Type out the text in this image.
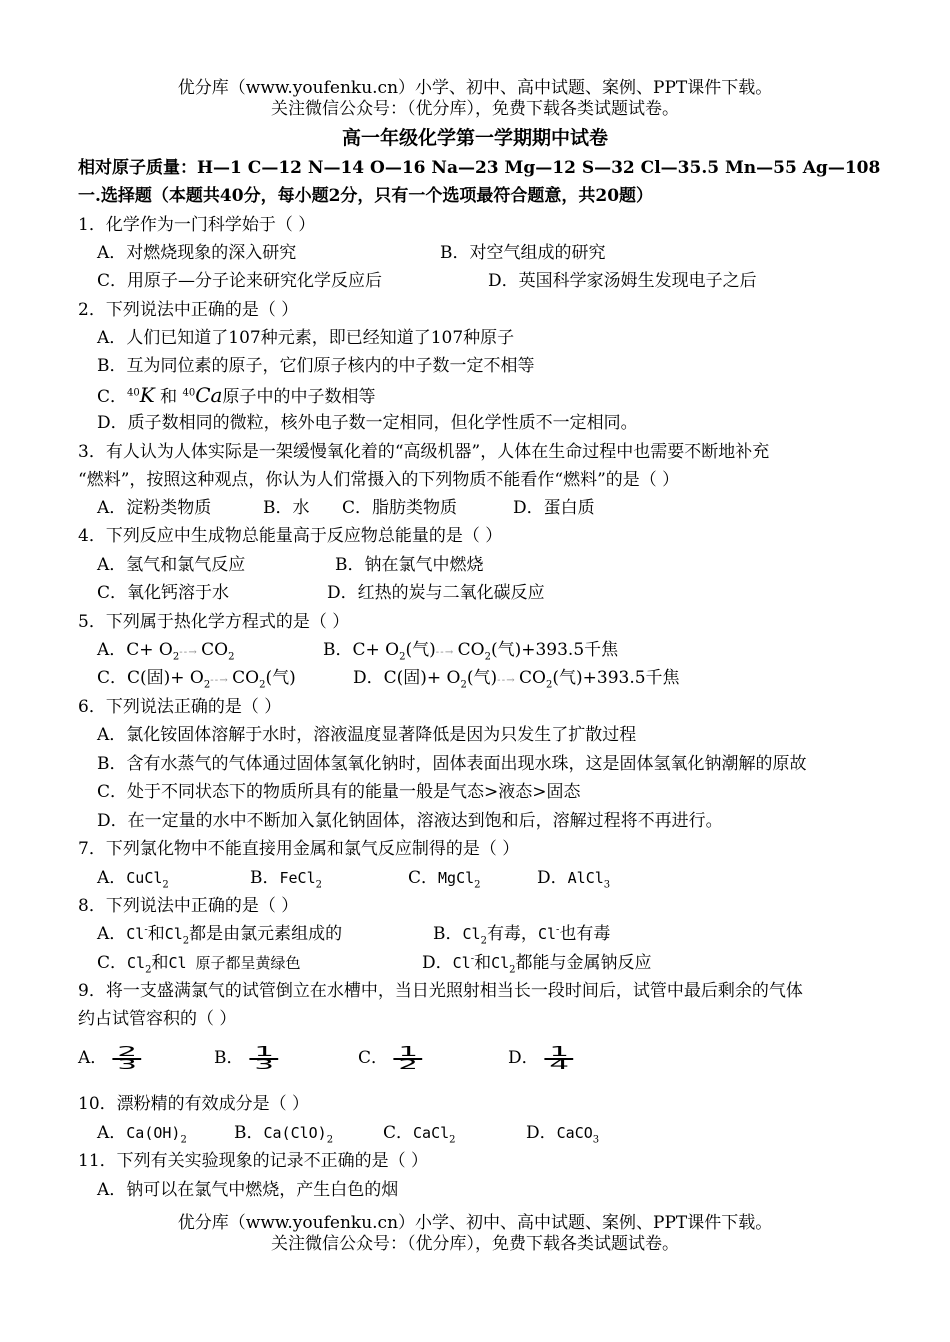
优分库（www.youfenku.cn）小学、初中、高中试题、案例、PPT课件下载。
关注微信公众号：（优分库），免费下载各类试题试卷。
高一年级化学第一学期期中试卷
相对原子质量：H—1 C—12 N—14 O—16 Na—23 Mg—12 S—32 Cl—35.5 Mn—55 Ag—108
一.选择题（本题共40分，每小题2分，只有一个选项最符合题意，共20题）
1．化学作为一门科学始于（ ）
A．对燃烧现象的深入研究	B．对空气组成的研究
C．用原子—分子论来研究化学反应后	D．英国科学家汤姆生发现电子之后
2．下列说法中正确的是（ ）
A．人们已知道了107种元素，即已经知道了107种原子
B．互为同位素的原子，它们原子核内的中子数一定不相等
C．$^{40}$K 和 $^{40}$Ca原子中的中子数相等
D．质子数相同的微粒，核外电子数一定相同，但化学性质不一定相同。
3．有人认为人体实际是一架缓慢氧化着的“高级机器”，人体在生命过程中也需要不断地补充
“燃料”，按照这种观点，你认为人们常摄入的下列物质不能看作“燃料”的是（ ）
A．淀粉类物质	B．水 C．脂肪类物质	D．蛋白质
4．下列反应中生成物总能量高于反应物总能量的是（ ）
A．氢气和氯气反应	B．钠在氯气中燃烧
C．氧化钙溶于水	D．红热的炭与二氧化碳反应
5．下列属于热化学方程式的是（ ）
A．$C+ O_2-$ - → $CO_2$	B．$C+ O_2$(气)- - → $CO_2$(气)+393.5千焦
C．C(固)+ $O_2-$ - → $CO_2$(气)	D．C(固)+ $O_2$(气)- - → $CO_2$(气)+393.5千焦
6．下列说法正确的是（ ）
A．氯化铵固体溶解于水时，溶液温度显著降低是因为只发生了扩散过程
B．含有水蒸气的气体通过固体氢氧化钠时，固体表面出现水珠，这是固体氢氧化钠潮解的原故
C．处于不同状态下的物质所具有的能量一般是气态>液态>固态
D．在一定量的水中不断加入氯化钠固体，溶液达到饱和后，溶解过程将不再进行。
7．下列氯化物中不能直接用金属和氯气反应制得的是（ ）
A．CuCl$_2$	B．FeCl$_2$	C．MgCl$_2$	D．AlCl$_3$
8．下列说法中正确的是（ ）
A．Cl-和$Cl_2$都是由氯元素组成的	B．$Cl_2$有毒，Cl-也有毒
C．$Cl_2$和Cl 原子都呈黄绿色	D．Cl-和$Cl_2$都能与金属钠反应
9．将一支盛满氯气的试管倒立在水槽中，当日光照射相当长一段时间后，试管中最后剩余的气体
约占试管容积的（ ）
A． $\frac{2}{3}$	B． $\frac{1}{3}$	C． $\frac{1}{2}$	D． $\frac{1}{4}$
10．漂粉精的有效成分是（ ）
A．$Ca(OH)_2$	B．$Ca(ClO)_2$	C．CaCl$_2$	D．CaCO$_3$
11．下列有关实验现象的记录不正确的是（ ）
A．钠可以在氯气中燃烧，产生白色的烟
优分库（www.youfenku.cn）小学、初中、高中试题、案例、PPT课件下载。
关注微信公众号：（优分库），免费下载各类试题试卷。
